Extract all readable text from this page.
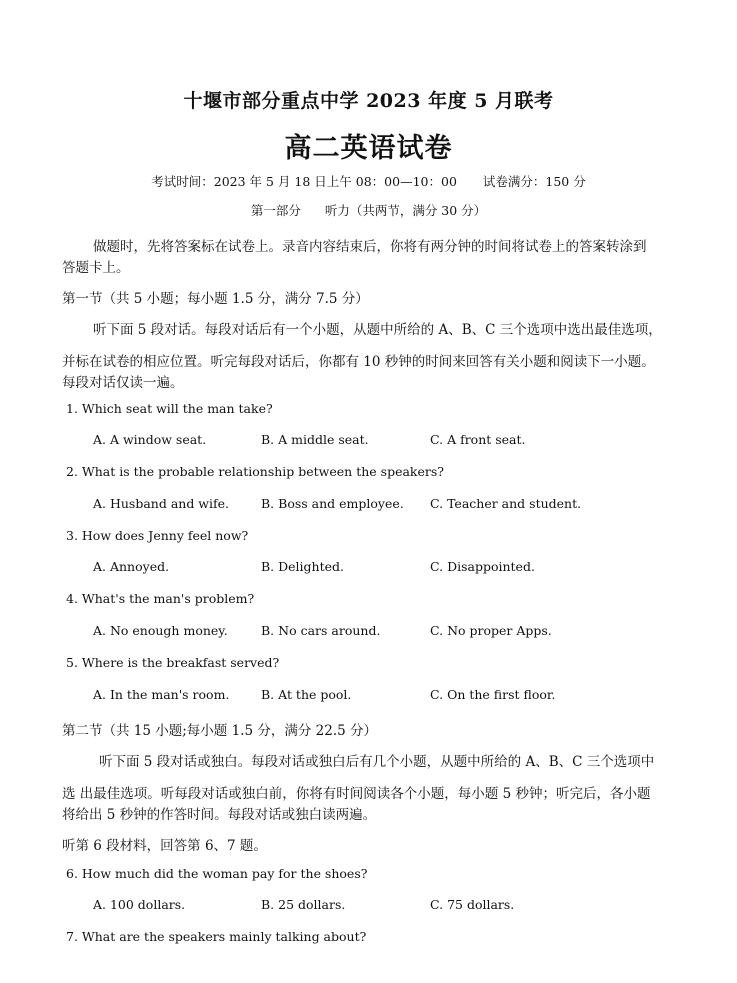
十堰市部分重点中学 2023 年度 5 月联考
高二英语试卷
考试时间：2023 年 5 月 18 日上午 08：00—10：00 试卷满分：150 分
第一部分 听力（共两节，满分 30 分）
做题时，先将答案标在试卷上。录音内容结束后，你将有两分钟的时间将试卷上的答案转涂到
答题卡上。
第一节（共 5 小题；每小题 1.5 分，满分 7.5 分）
听下面 5 段对话。每段对话后有一个小题，从题中所给的 A、B、C 三个选项中选出最佳选项，
并标在试卷的相应位置。听完每段对话后，你都有 10 秒钟的时间来回答有关小题和阅读下一小题。
每段对话仅读一遍。
1. Which seat will the man take?
A. A window seat.	B. A middle seat.	C. A front seat.
2. What is the probable relationship between the speakers?
A. Husband and wife.	B. Boss and employee. C. Teacher and student.
3. How does Jenny feel now?
A. Annoyed.	B. Delighted.	C. Disappointed.
4. What's the man's problem?
A. No enough money.	B. No cars around.	C. No proper Apps.
5. Where is the breakfast served?
A. In the man's room.	B. At the pool.	C. On the first floor.
第二节（共 15 小题;每小题 1.5 分，满分 22.5 分）
听下面 5 段对话或独白。每段对话或独白后有几个小题，从题中所给的 A、B、C 三个选项中
选 出最佳选项。听每段对话或独白前，你将有时间阅读各个小题，每小题 5 秒钟；听完后，各小题
将给出 5 秒钟的作答时间。每段对话或独白读两遍。
听第 6 段材料，回答第 6、7 题。
6. How much did the woman pay for the shoes?
A. 100 dollars.	B. 25 dollars.	C. 75 dollars.
7. What are the speakers mainly talking about?
